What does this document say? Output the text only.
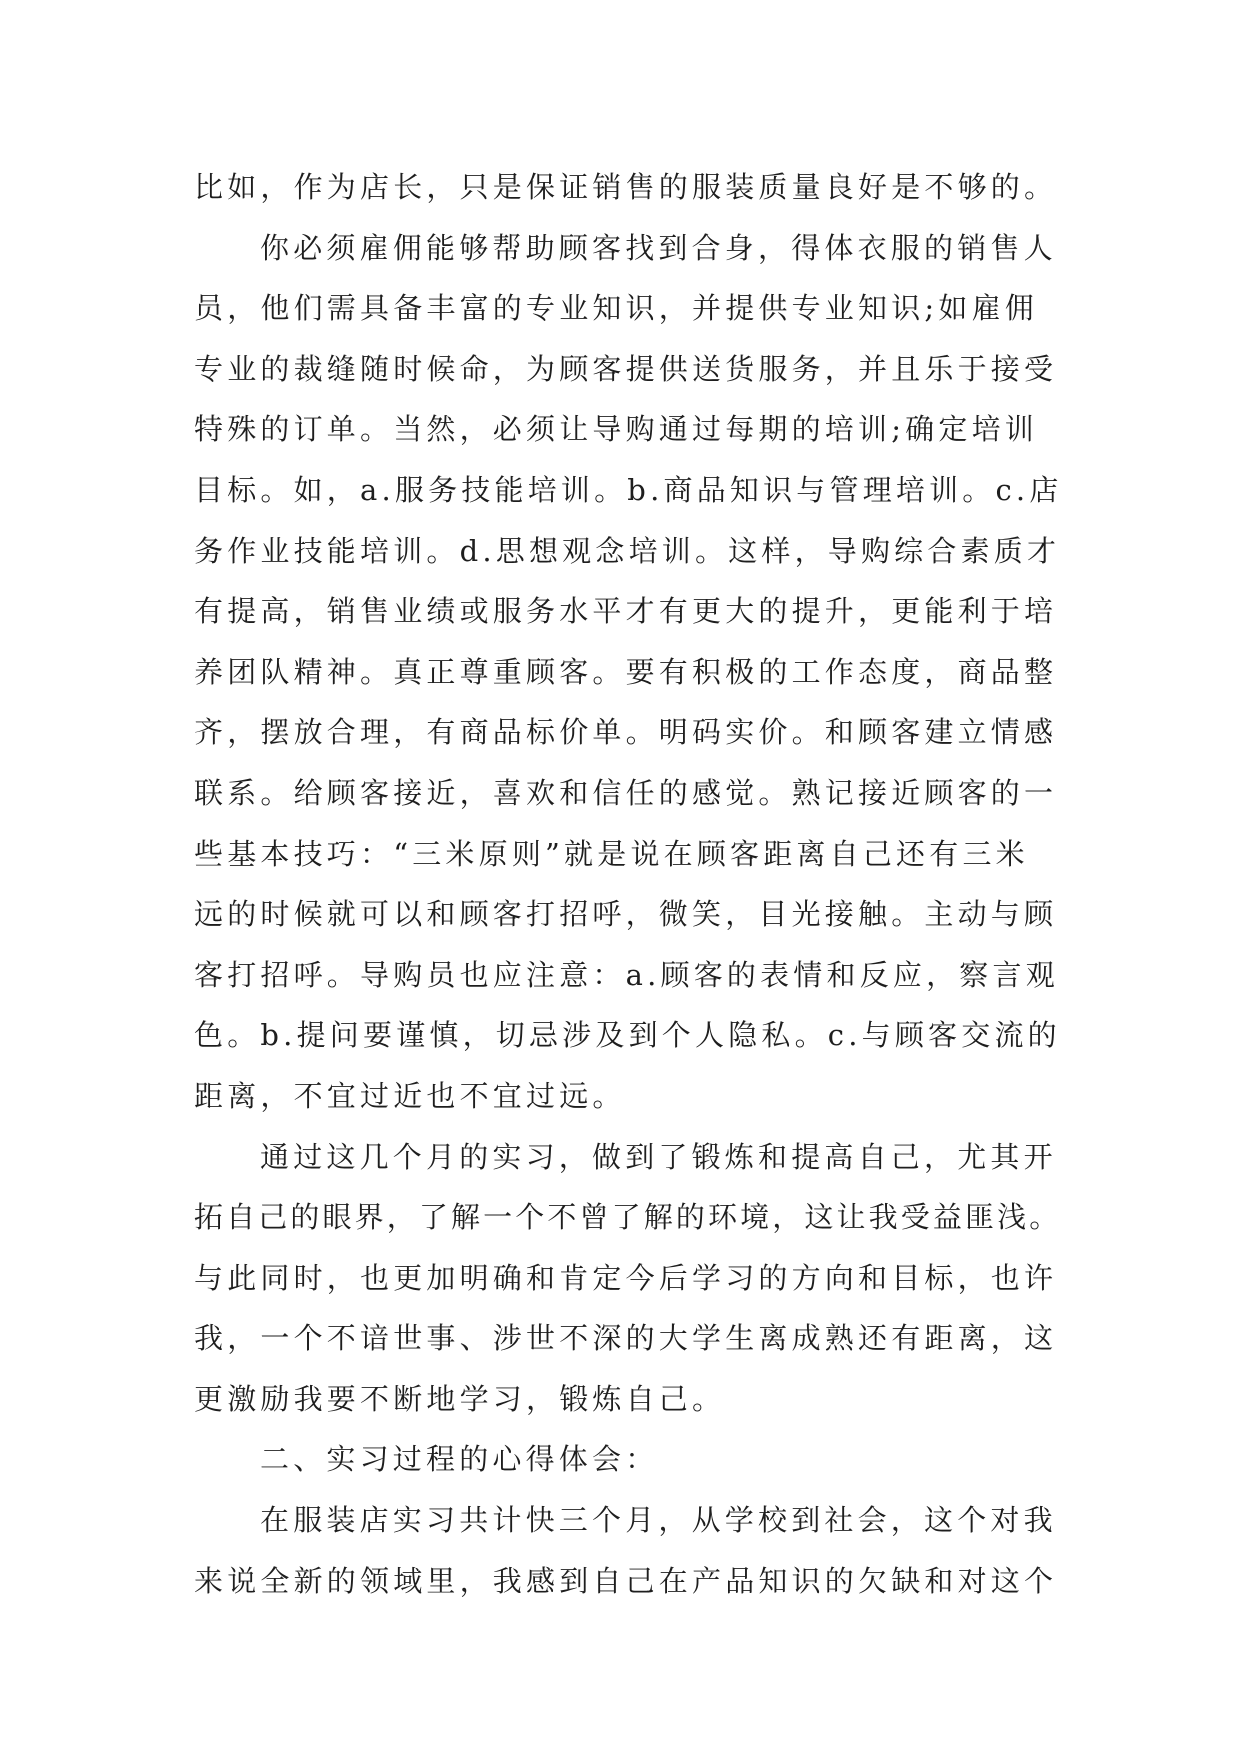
比如，作为店长，只是保证销售的服装质量良好是不够的。
你必须雇佣能够帮助顾客找到合身，得体衣服的销售人
员，他们需具备丰富的专业知识，并提供专业知识;如雇佣
专业的裁缝随时候命，为顾客提供送货服务，并且乐于接受
特殊的订单。当然，必须让导购通过每期的培训;确定培训
目标。如，a.服务技能培训。b.商品知识与管理培训。c.店
务作业技能培训。d.思想观念培训。这样，导购综合素质才
有提高，销售业绩或服务水平才有更大的提升，更能利于培
养团队精神。真正尊重顾客。要有积极的工作态度，商品整
齐，摆放合理，有商品标价单。明码实价。和顾客建立情感
联系。给顾客接近，喜欢和信任的感觉。熟记接近顾客的一
些基本技巧：“三米原则”就是说在顾客距离自己还有三米
远的时候就可以和顾客打招呼，微笑，目光接触。主动与顾
客打招呼。导购员也应注意：a.顾客的表情和反应，察言观
色。b.提问要谨慎，切忌涉及到个人隐私。c.与顾客交流的
距离，不宜过近也不宜过远。
通过这几个月的实习，做到了锻炼和提高自己，尤其开
拓自己的眼界，了解一个不曾了解的环境，这让我受益匪浅。
与此同时，也更加明确和肯定今后学习的方向和目标，也许
我，一个不谙世事、涉世不深的大学生离成熟还有距离，这
更激励我要不断地学习，锻炼自己。
二、实习过程的心得体会：
在服装店实习共计快三个月，从学校到社会，这个对我
来说全新的领域里，我感到自己在产品知识的欠缺和对这个
